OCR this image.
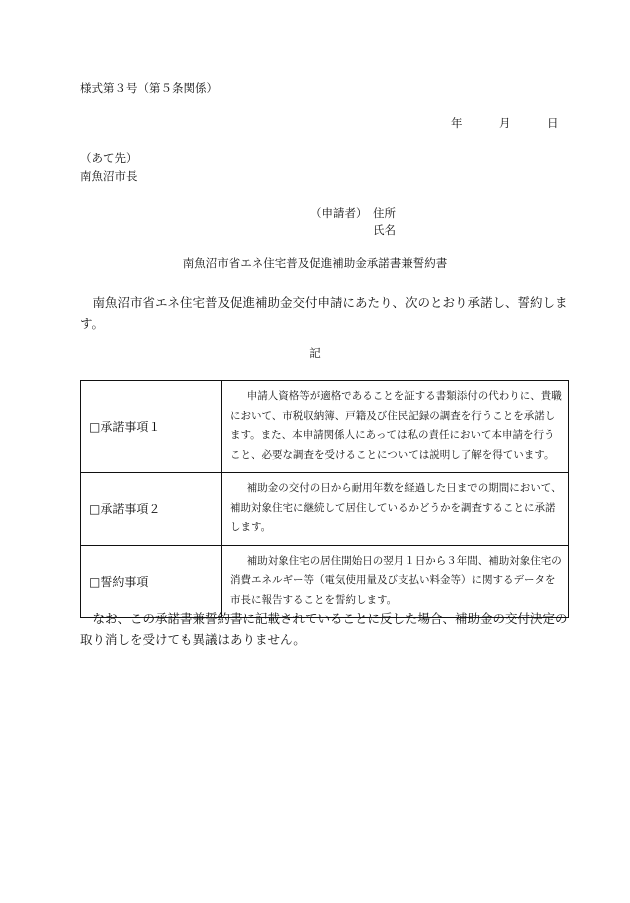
様式第３号（第５条関係）
年	月	日
（あて先）
南魚沼市長
（申請者） 住所
氏名
南魚沼市省エネ住宅普及促進補助金承諾書兼誓約書
南魚沼市省エネ住宅普及促進補助金交付申請にあたり、次のとおり承諾し、誓約します。
記
□承諾事項１	申請人資格等が適格であることを証する書類添付の代わりに、貴職において、市税収納簿、戸籍及び住民記録の調査を行うことを承諾します。また、本申請関係人にあっては私の責任において本申請を行うこと、必要な調査を受けることについては説明し了解を得ています。
□承諾事項２	補助金の交付の日から耐用年数を経過した日までの期間において、補助対象住宅に継続して居住しているかどうかを調査することに承諾します。
□誓約事項	補助対象住宅の居住開始日の翌月１日から３年間、補助対象住宅の消費エネルギー等（電気使用量及び支払い料金等）に関するデータを市長に報告することを誓約します。
なお、この承諾書兼誓約書に記載されていることに反した場合、補助金の交付決定の取り消しを受けても異議はありません。
